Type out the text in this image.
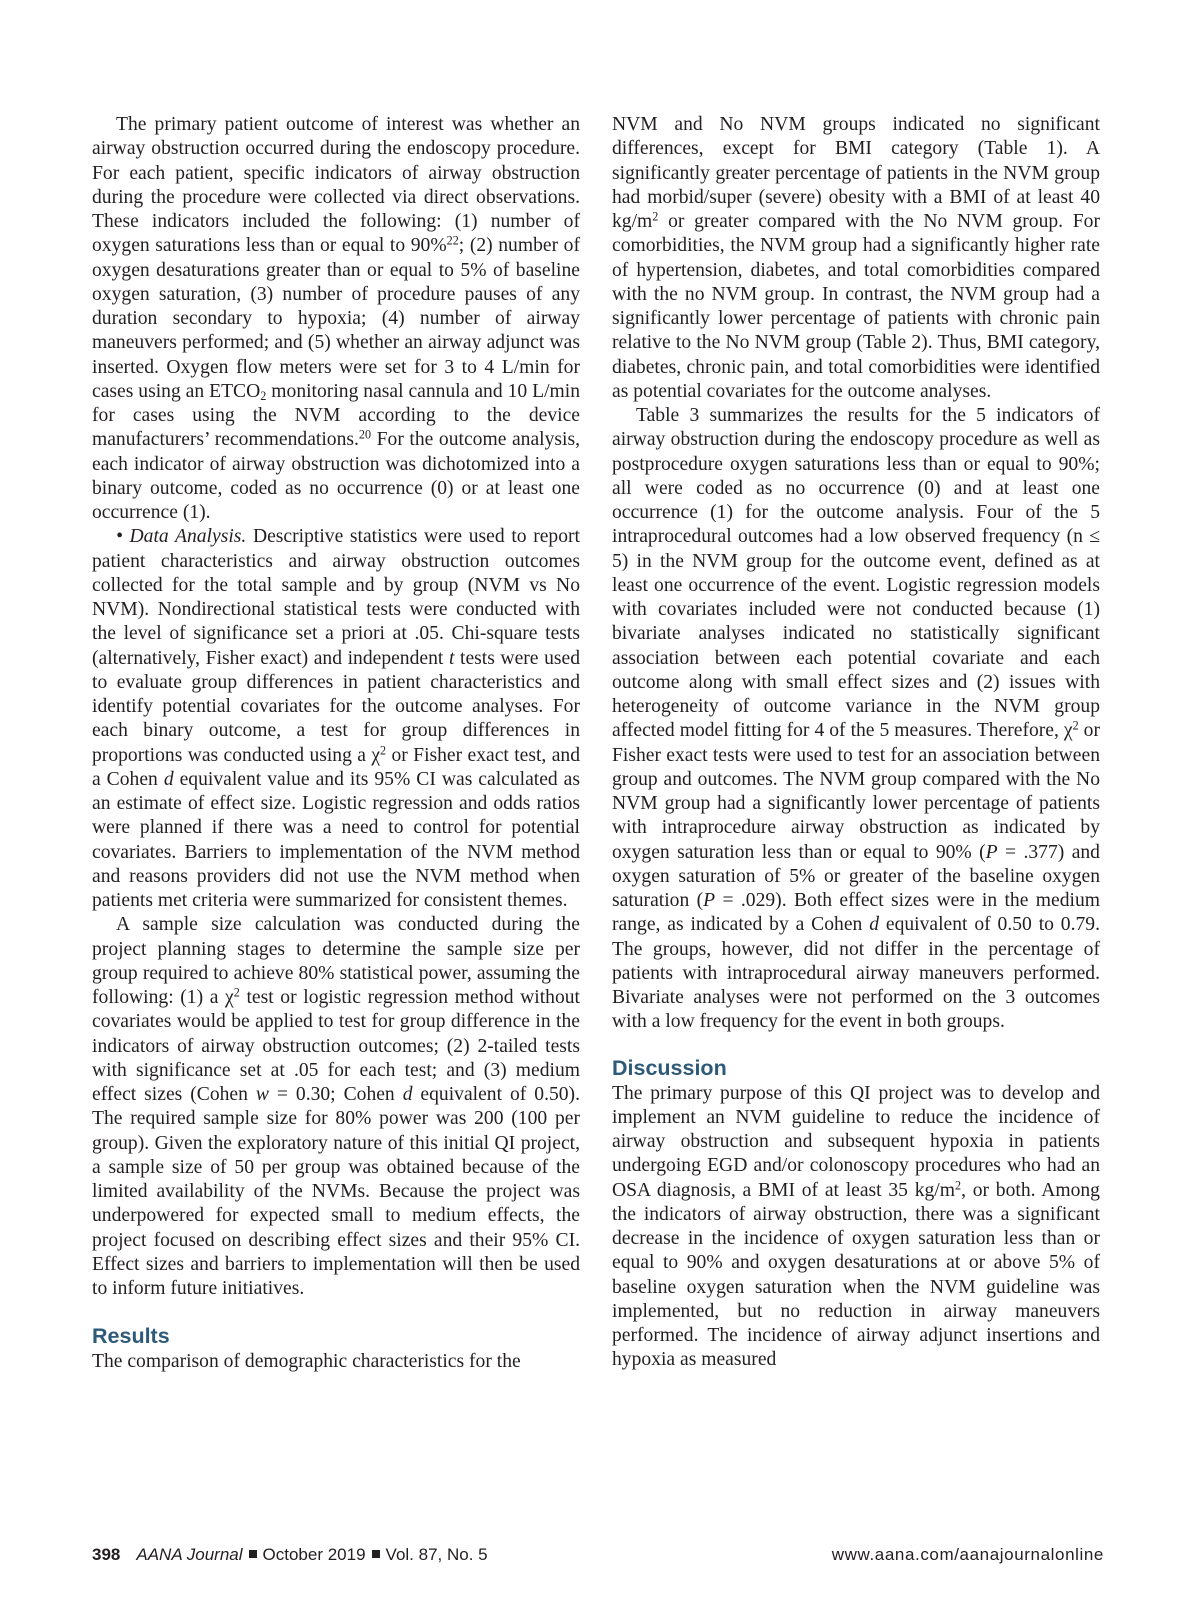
The primary patient outcome of interest was whether an airway obstruction occurred during the endoscopy procedure. For each patient, specific indicators of airway obstruction during the procedure were collected via direct observations. These indicators included the following: (1) number of oxygen saturations less than or equal to 90%$^{22}$; (2) number of oxygen desaturations greater than or equal to 5% of baseline oxygen saturation, (3) number of procedure pauses of any duration secondary to hypoxia; (4) number of airway maneuvers performed; and (5) whether an airway adjunct was inserted. Oxygen flow meters were set for 3 to 4 L/min for cases using an $ETCO_2$ monitoring nasal cannula and 10 L/min for cases using the NVM according to the device manufacturers’ recommendations.$^{20}$ For the outcome analysis, each indicator of airway obstruction was dichotomized into a binary outcome, coded as no occurrence (0) or at least one occurrence (1).

• Data Analysis. Descriptive statistics were used to report patient characteristics and airway obstruction outcomes collected for the total sample and by group (NVM vs No NVM). Nondirectional statistical tests were conducted with the level of significance set a priori at .05. Chi-square tests (alternatively, Fisher exact) and independent t tests were used to evaluate group differences in patient characteristics and identify potential covariates for the outcome analyses. For each binary outcome, a test for group differences in proportions was conducted using a $\chi^2$ or Fisher exact test, and a Cohen d equivalent value and its 95% CI was calculated as an estimate of effect size. Logistic regression and odds ratios were planned if there was a need to control for potential covariates. Barriers to implementation of the NVM method and reasons providers did not use the NVM method when patients met criteria were summarized for consistent themes.

A sample size calculation was conducted during the project planning stages to determine the sample size per group required to achieve 80% statistical power, assuming the following: (1) a $\chi^2$ test or logistic regression method without covariates would be applied to test for group difference in the indicators of airway obstruction outcomes; (2) 2-tailed tests with significance set at .05 for each test; and (3) medium effect sizes (Cohen w = 0.30; Cohen d equivalent of 0.50). The required sample size for 80% power was 200 (100 per group). Given the exploratory nature of this initial QI project, a sample size of 50 per group was obtained because of the limited availability of the NVMs. Because the project was underpowered for expected small to medium effects, the project focused on describing effect sizes and their 95% CI. Effect sizes and barriers to implementation will then be used to inform future initiatives.

Results

The comparison of demographic characteristics for the

NVM and No NVM groups indicated no significant differences, except for BMI category (Table 1). A significantly greater percentage of patients in the NVM group had morbid/super (severe) obesity with a BMI of at least 40 $kg/m^2$ or greater compared with the No NVM group. For comorbidities, the NVM group had a significantly higher rate of hypertension, diabetes, and total comorbidities compared with the no NVM group. In contrast, the NVM group had a significantly lower percentage of patients with chronic pain relative to the No NVM group (Table 2). Thus, BMI category, diabetes, chronic pain, and total comorbidities were identified as potential covariates for the outcome analyses.

Table 3 summarizes the results for the 5 indicators of airway obstruction during the endoscopy procedure as well as postprocedure oxygen saturations less than or equal to 90%; all were coded as no occurrence (0) and at least one occurrence (1) for the outcome analysis. Four of the 5 intraprocedural outcomes had a low observed frequency (n ≤ 5) in the NVM group for the outcome event, defined as at least one occurrence of the event. Logistic regression models with covariates included were not conducted because (1) bivariate analyses indicated no statistically significant association between each potential covariate and each outcome along with small effect sizes and (2) issues with heterogeneity of outcome variance in the NVM group affected model fitting for 4 of the 5 measures. Therefore, $\chi^2$ or Fisher exact tests were used to test for an association between group and outcomes. The NVM group compared with the No NVM group had a significantly lower percentage of patients with intraprocedure airway obstruction as indicated by oxygen saturation less than or equal to 90% (P = .377) and oxygen saturation of 5% or greater of the baseline oxygen saturation (P = .029). Both effect sizes were in the medium range, as indicated by a Cohen d equivalent of 0.50 to 0.79. The groups, however, did not differ in the percentage of patients with intraprocedural airway maneuvers performed. Bivariate analyses were not performed on the 3 outcomes with a low frequency for the event in both groups.

Discussion

The primary purpose of this QI project was to develop and implement an NVM guideline to reduce the incidence of airway obstruction and subsequent hypoxia in patients undergoing EGD and/or colonoscopy procedures who had an OSA diagnosis, a BMI of at least 35 $kg/m^2$, or both. Among the indicators of airway obstruction, there was a significant decrease in the incidence of oxygen saturation less than or equal to 90% and oxygen desaturations at or above 5% of baseline oxygen saturation when the NVM guideline was implemented, but no reduction in airway maneuvers performed. The incidence of airway adjunct insertions and hypoxia as measured

398 AANA Journal October 2019 Vol. 87, No. 5	www.aana.com/aanajournalonline
